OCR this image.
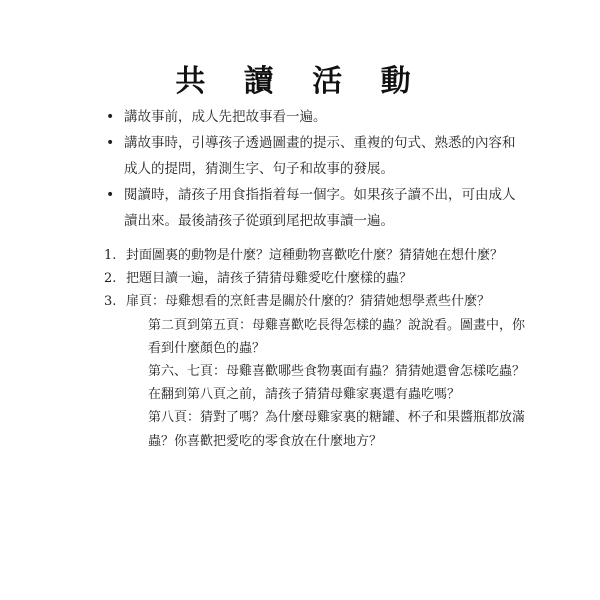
共 讀 活 動
• 講故事前，成人先把故事看一遍。
• 講故事時，引導孩子透過圖畫的提示、重複的句式、熟悉的內容和
成人的提問，猜測生字、句子和故事的發展。
• 閱讀時，請孩子用食指指着每一個字。如果孩子讀不出，可由成人
讀出來。最後請孩子從頭到尾把故事讀一遍。
1. 封面圖裏的動物是什麼？這種動物喜歡吃什麼？猜猜她在想什麼？
2. 把題目讀一遍，請孩子猜猜母雞愛吃什麼樣的蟲？
3. 扉頁：母雞想看的烹飪書是關於什麼的？猜猜她想學煮些什麼？
第二頁到第五頁：母雞喜歡吃長得怎樣的蟲？說說看。圖畫中，你
看到什麼顏色的蟲？
第六、七頁：母雞喜歡哪些食物裏面有蟲？猜猜她還會怎樣吃蟲？
在翻到第八頁之前，請孩子猜猜母雞家裏還有蟲吃嗎？
第八頁：猜對了嗎？為什麼母雞家裏的糖罐、杯子和果醬瓶都放滿
蟲？你喜歡把愛吃的零食放在什麼地方？
